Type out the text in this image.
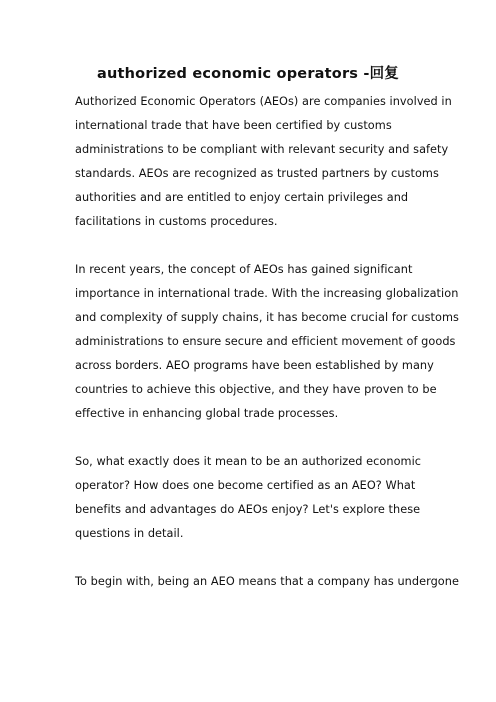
authorized economic operators -回复

Authorized Economic Operators (AEOs) are companies involved in
international trade that have been certified by customs
administrations to be compliant with relevant security and safety
standards. AEOs are recognized as trusted partners by customs
authorities and are entitled to enjoy certain privileges and
facilitations in customs procedures.

In recent years, the concept of AEOs has gained significant
importance in international trade. With the increasing globalization
and complexity of supply chains, it has become crucial for customs
administrations to ensure secure and efficient movement of goods
across borders. AEO programs have been established by many
countries to achieve this objective, and they have proven to be
effective in enhancing global trade processes.

So, what exactly does it mean to be an authorized economic
operator? How does one become certified as an AEO? What
benefits and advantages do AEOs enjoy? Let's explore these
questions in detail.

To begin with, being an AEO means that a company has undergone
